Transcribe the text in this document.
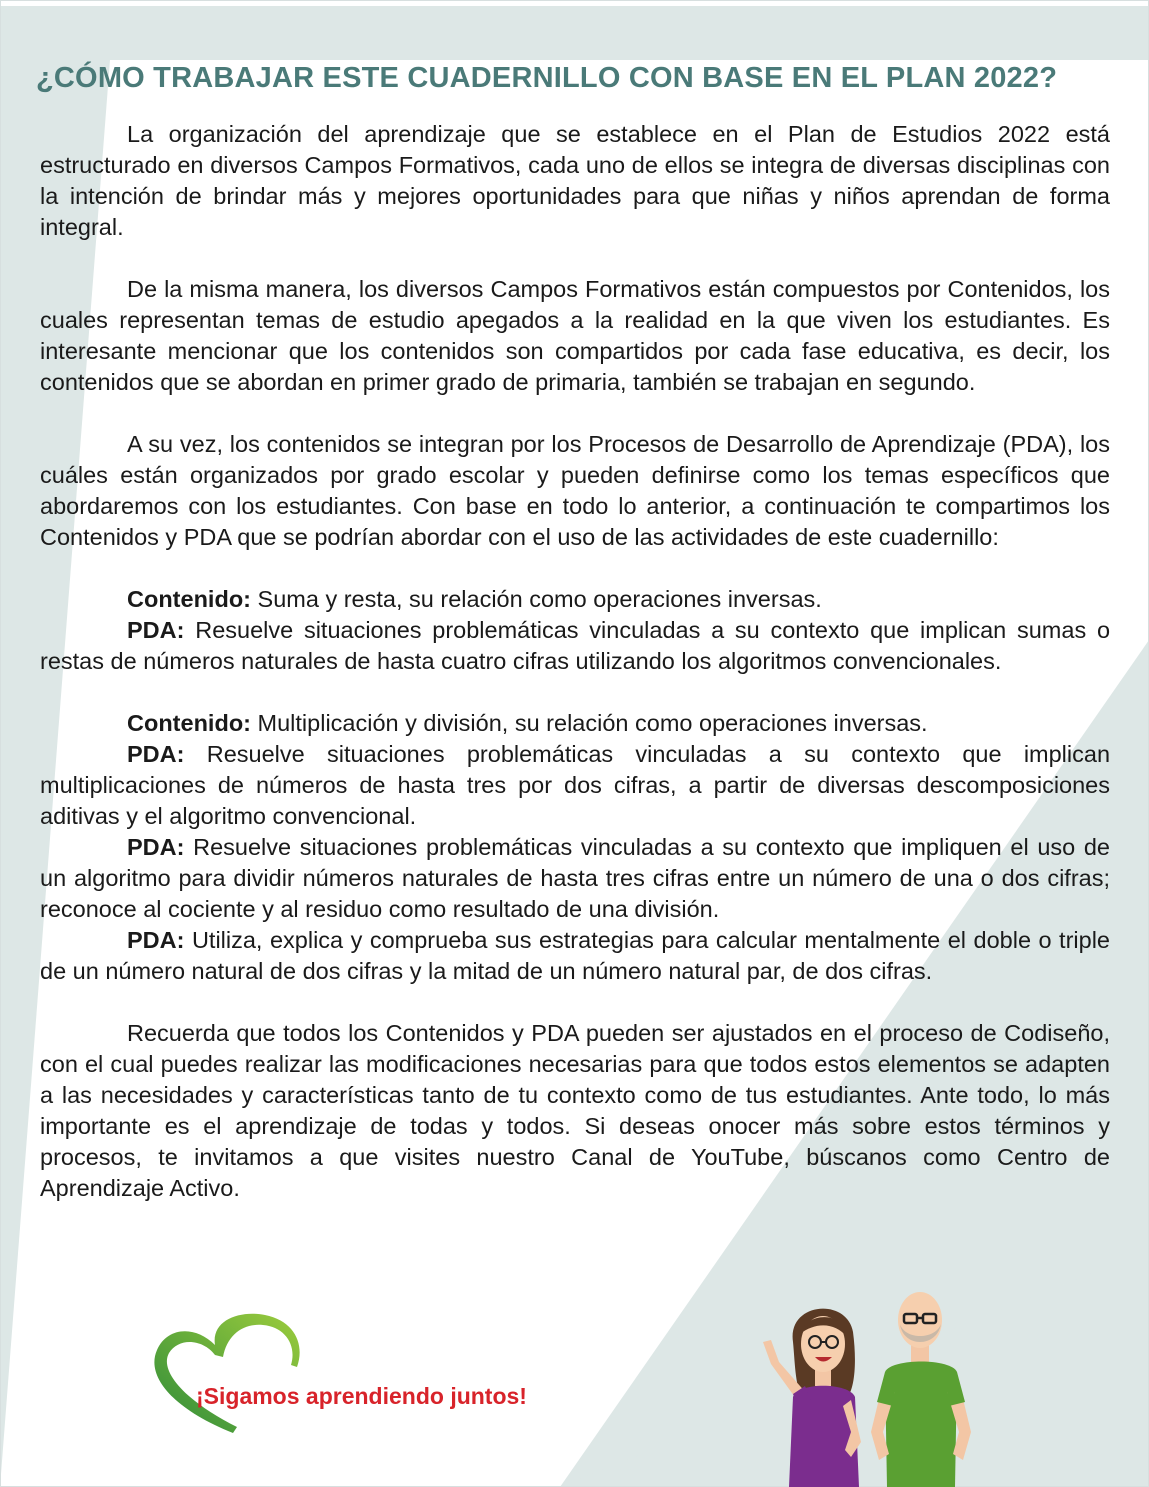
¿CÓMO TRABAJAR ESTE CUADERNILLO CON BASE EN EL PLAN 2022?

La organización del aprendizaje que se establece en el Plan de Estudios 2022 está estructurado en diversos Campos Formativos, cada uno de ellos se integra de diversas disciplinas con la intención de brindar más y mejores oportunidades para que niñas y niños aprendan de forma integral.

De la misma manera, los diversos Campos Formativos están compuestos por Contenidos, los cuales representan temas de estudio apegados a la realidad en la que viven los estudiantes. Es interesante mencionar que los contenidos son compartidos por cada fase educativa, es decir, los contenidos que se abordan en primer grado de primaria, también se trabajan en segundo.

A su vez, los contenidos se integran por los Procesos de Desarrollo de Aprendizaje (PDA), los cuáles están organizados por grado escolar y pueden definirse como los temas específicos que abordaremos con los estudiantes. Con base en todo lo anterior, a continuación te compartimos los Contenidos y PDA que se podrían abordar con el uso de las actividades de este cuadernillo:

Contenido: Suma y resta, su relación como operaciones inversas.

PDA: Resuelve situaciones problemáticas vinculadas a su contexto que implican sumas o restas de números naturales de hasta cuatro cifras utilizando los algoritmos convencionales.

Contenido: Multiplicación y división, su relación como operaciones inversas.

PDA: Resuelve situaciones problemáticas vinculadas a su contexto que implican multiplicaciones de números de hasta tres por dos cifras, a partir de diversas descomposiciones aditivas y el algoritmo convencional.

PDA: Resuelve situaciones problemáticas vinculadas a su contexto que impliquen el uso de un algoritmo para dividir números naturales de hasta tres cifras entre un número de una o dos cifras; reconoce al cociente y al residuo como resultado de una división.

PDA: Utiliza, explica y comprueba sus estrategias para calcular mentalmente el doble o triple de un número natural de dos cifras y la mitad de un número natural par, de dos cifras.

Recuerda que todos los Contenidos y PDA pueden ser ajustados en el proceso de Codiseño, con el cual puedes realizar las modificaciones necesarias para que todos estos elementos se adapten a las necesidades y características tanto de tu contexto como de tus estudiantes. Ante todo, lo más importante es el aprendizaje de todas y todos. Si deseas onocer más sobre estos términos y procesos, te invitamos a que visites nuestro Canal de YouTube, búscanos como Centro de Aprendizaje Activo.

¡Sigamos aprendiendo juntos!
